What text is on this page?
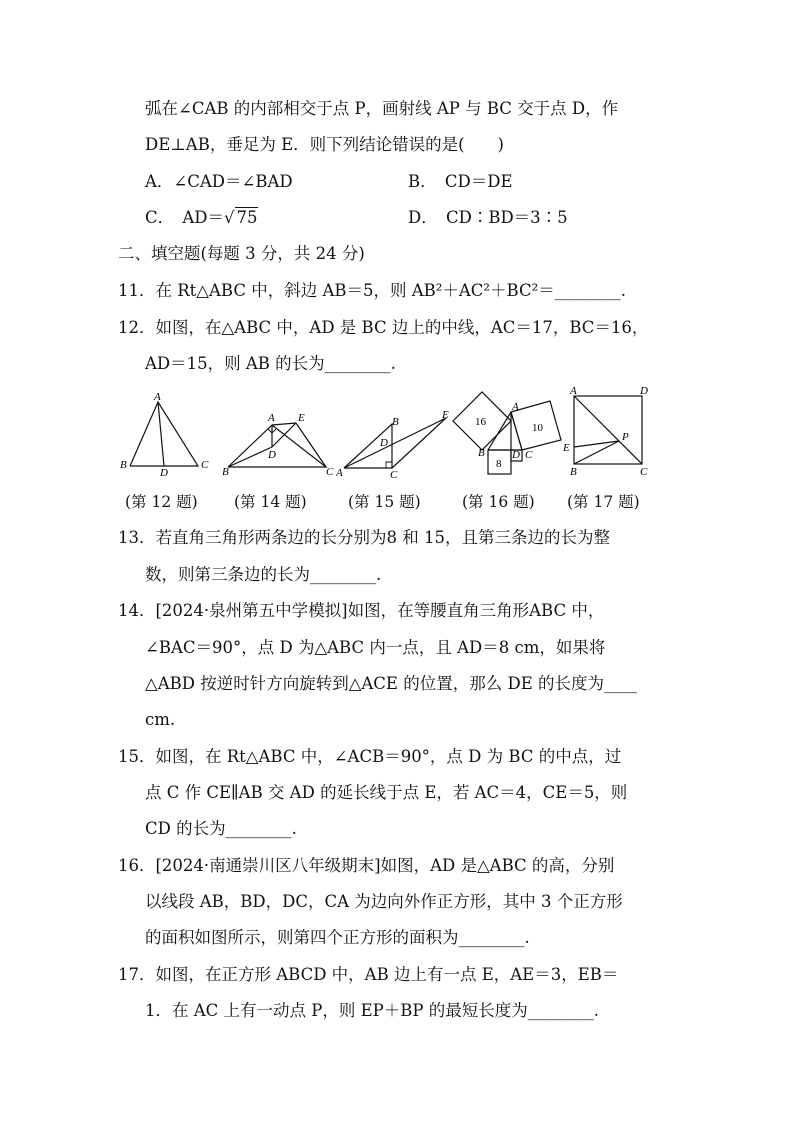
弧在∠CAB 的内部相交于点 P，画射线 AP 与 BC 交于点 D，作
DE⊥AB，垂足为 E．则下列结论错误的是(　　)
A．∠CAD＝∠BAD	B．　CD＝DE
C．　AD＝√ 75	D．　CD∶BD＝3∶5
二、填空题(每题 3 分，共 24 分)
11．在 Rt△ABC 中，斜边 AB＝5，则 AB²＋AC²＋BC²＝________.
12．如图，在△ABC 中，AD 是 BC 边上的中线，AC＝17，BC＝16，
AD＝15，则 AB 的长为________.
A
B
D
C
A E
D
B	C
B
E
D
A	C
16	10
8
A
B D C
A	D
E
P
B	C
(第 12 题) (第 14 题)	(第 15 题)	(第 16 题) (第 17 题)
13．若直角三角形两条边的长分别为8 和 15，且第三条边的长为整
数，则第三条边的长为________.
14．[2024·泉州第五中学模拟]如图，在等腰直角三角形ABC 中，
∠BAC＝90°，点 D 为△ABC 内一点，且 AD＝8 cm，如果将
△ABD 按逆时针方向旋转到△ACE 的位置，那么 DE 的长度为____
cm.
15．如图，在 Rt△ABC 中，∠ACB＝90°，点 D 为 BC 的中点，过
点 C 作 CE∥AB 交 AD 的延长线于点 E，若 AC＝4，CE＝5，则
CD 的长为________.
16．[2024·南通崇川区八年级期末]如图，AD 是△ABC 的高，分别
以线段 AB，BD，DC，CA 为边向外作正方形，其中 3 个正方形
的面积如图所示，则第四个正方形的面积为________.
17．如图，在正方形 ABCD 中，AB 边上有一点 E，AE＝3，EB＝
1．在 AC 上有一动点 P，则 EP＋BP 的最短长度为________.
